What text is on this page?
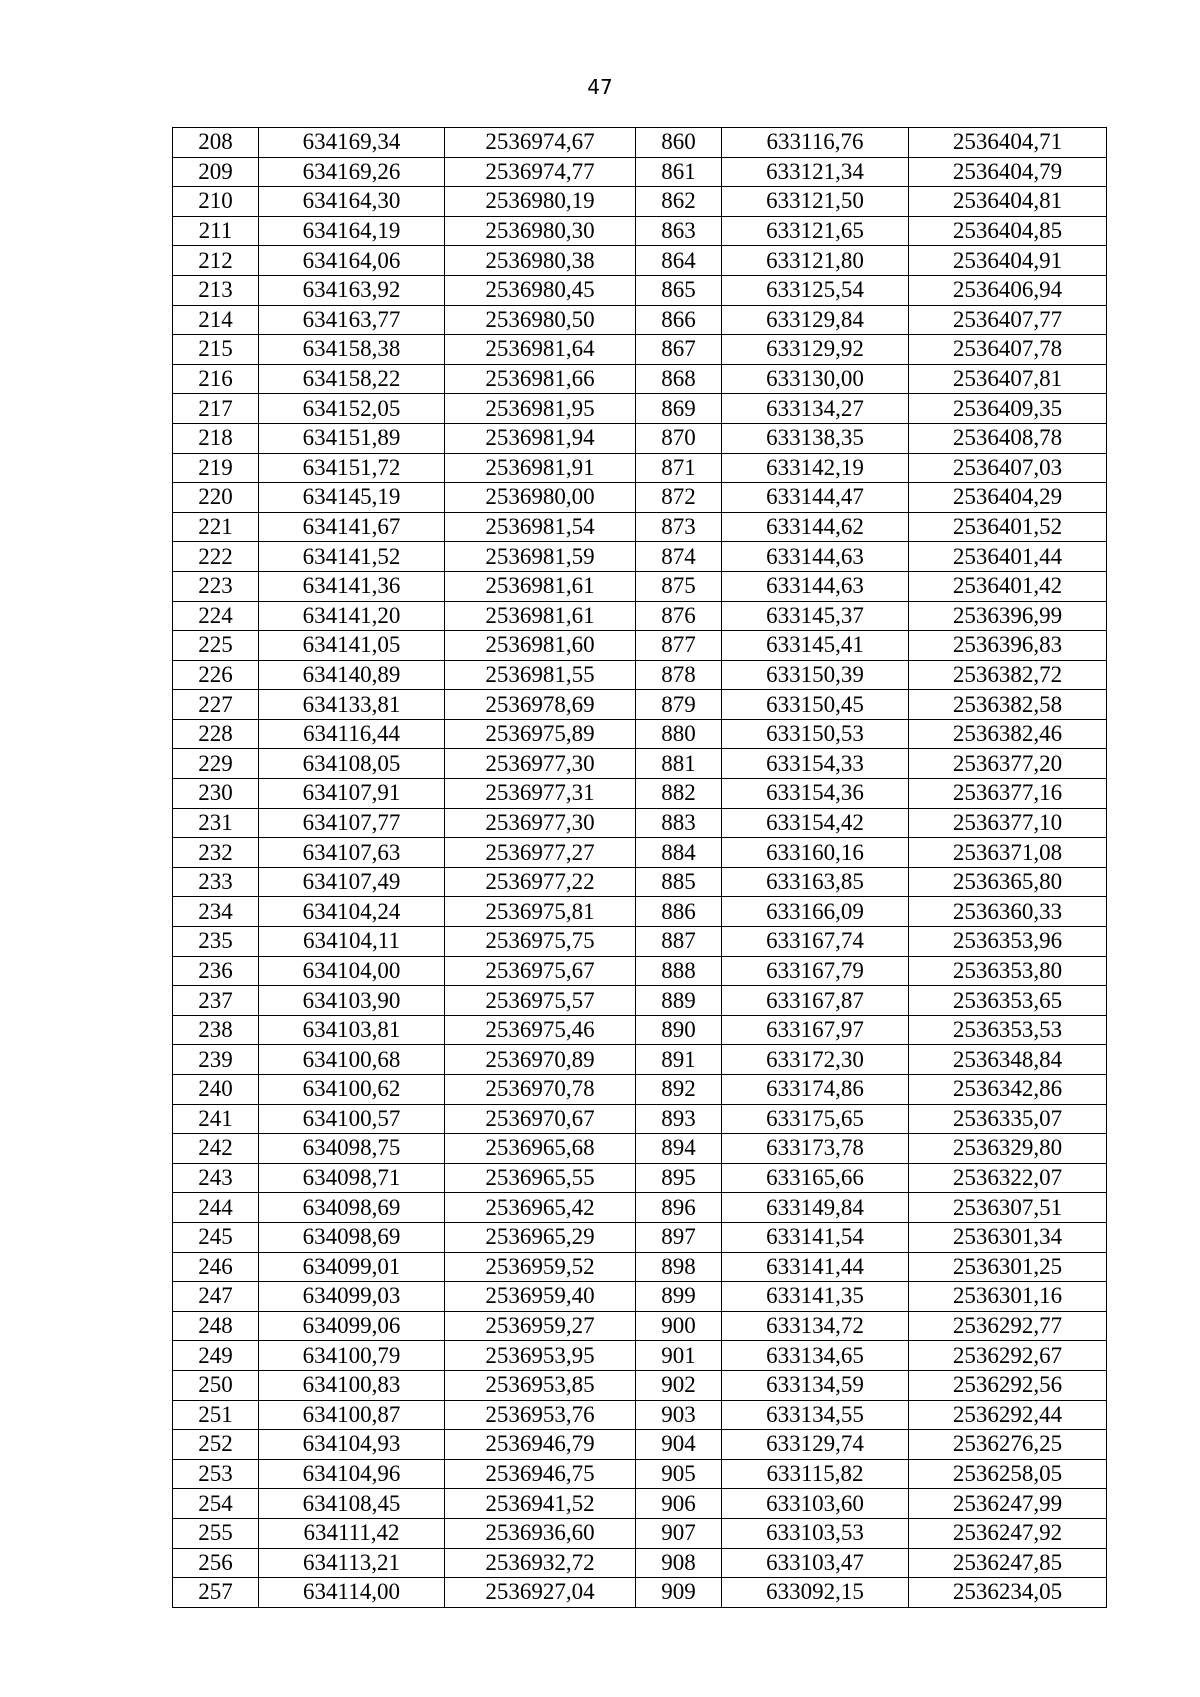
47
208	634169,34	2536974,67	860	633116,76	2536404,71
209	634169,26	2536974,77	861	633121,34	2536404,79
210	634164,30	2536980,19	862	633121,50	2536404,81
211	634164,19	2536980,30	863	633121,65	2536404,85
212	634164,06	2536980,38	864	633121,80	2536404,91
213	634163,92	2536980,45	865	633125,54	2536406,94
214	634163,77	2536980,50	866	633129,84	2536407,77
215	634158,38	2536981,64	867	633129,92	2536407,78
216	634158,22	2536981,66	868	633130,00	2536407,81
217	634152,05	2536981,95	869	633134,27	2536409,35
218	634151,89	2536981,94	870	633138,35	2536408,78
219	634151,72	2536981,91	871	633142,19	2536407,03
220	634145,19	2536980,00	872	633144,47	2536404,29
221	634141,67	2536981,54	873	633144,62	2536401,52
222	634141,52	2536981,59	874	633144,63	2536401,44
223	634141,36	2536981,61	875	633144,63	2536401,42
224	634141,20	2536981,61	876	633145,37	2536396,99
225	634141,05	2536981,60	877	633145,41	2536396,83
226	634140,89	2536981,55	878	633150,39	2536382,72
227	634133,81	2536978,69	879	633150,45	2536382,58
228	634116,44	2536975,89	880	633150,53	2536382,46
229	634108,05	2536977,30	881	633154,33	2536377,20
230	634107,91	2536977,31	882	633154,36	2536377,16
231	634107,77	2536977,30	883	633154,42	2536377,10
232	634107,63	2536977,27	884	633160,16	2536371,08
233	634107,49	2536977,22	885	633163,85	2536365,80
234	634104,24	2536975,81	886	633166,09	2536360,33
235	634104,11	2536975,75	887	633167,74	2536353,96
236	634104,00	2536975,67	888	633167,79	2536353,80
237	634103,90	2536975,57	889	633167,87	2536353,65
238	634103,81	2536975,46	890	633167,97	2536353,53
239	634100,68	2536970,89	891	633172,30	2536348,84
240	634100,62	2536970,78	892	633174,86	2536342,86
241	634100,57	2536970,67	893	633175,65	2536335,07
242	634098,75	2536965,68	894	633173,78	2536329,80
243	634098,71	2536965,55	895	633165,66	2536322,07
244	634098,69	2536965,42	896	633149,84	2536307,51
245	634098,69	2536965,29	897	633141,54	2536301,34
246	634099,01	2536959,52	898	633141,44	2536301,25
247	634099,03	2536959,40	899	633141,35	2536301,16
248	634099,06	2536959,27	900	633134,72	2536292,77
249	634100,79	2536953,95	901	633134,65	2536292,67
250	634100,83	2536953,85	902	633134,59	2536292,56
251	634100,87	2536953,76	903	633134,55	2536292,44
252	634104,93	2536946,79	904	633129,74	2536276,25
253	634104,96	2536946,75	905	633115,82	2536258,05
254	634108,45	2536941,52	906	633103,60	2536247,99
255	634111,42	2536936,60	907	633103,53	2536247,92
256	634113,21	2536932,72	908	633103,47	2536247,85
257	634114,00	2536927,04	909	633092,15	2536234,05
